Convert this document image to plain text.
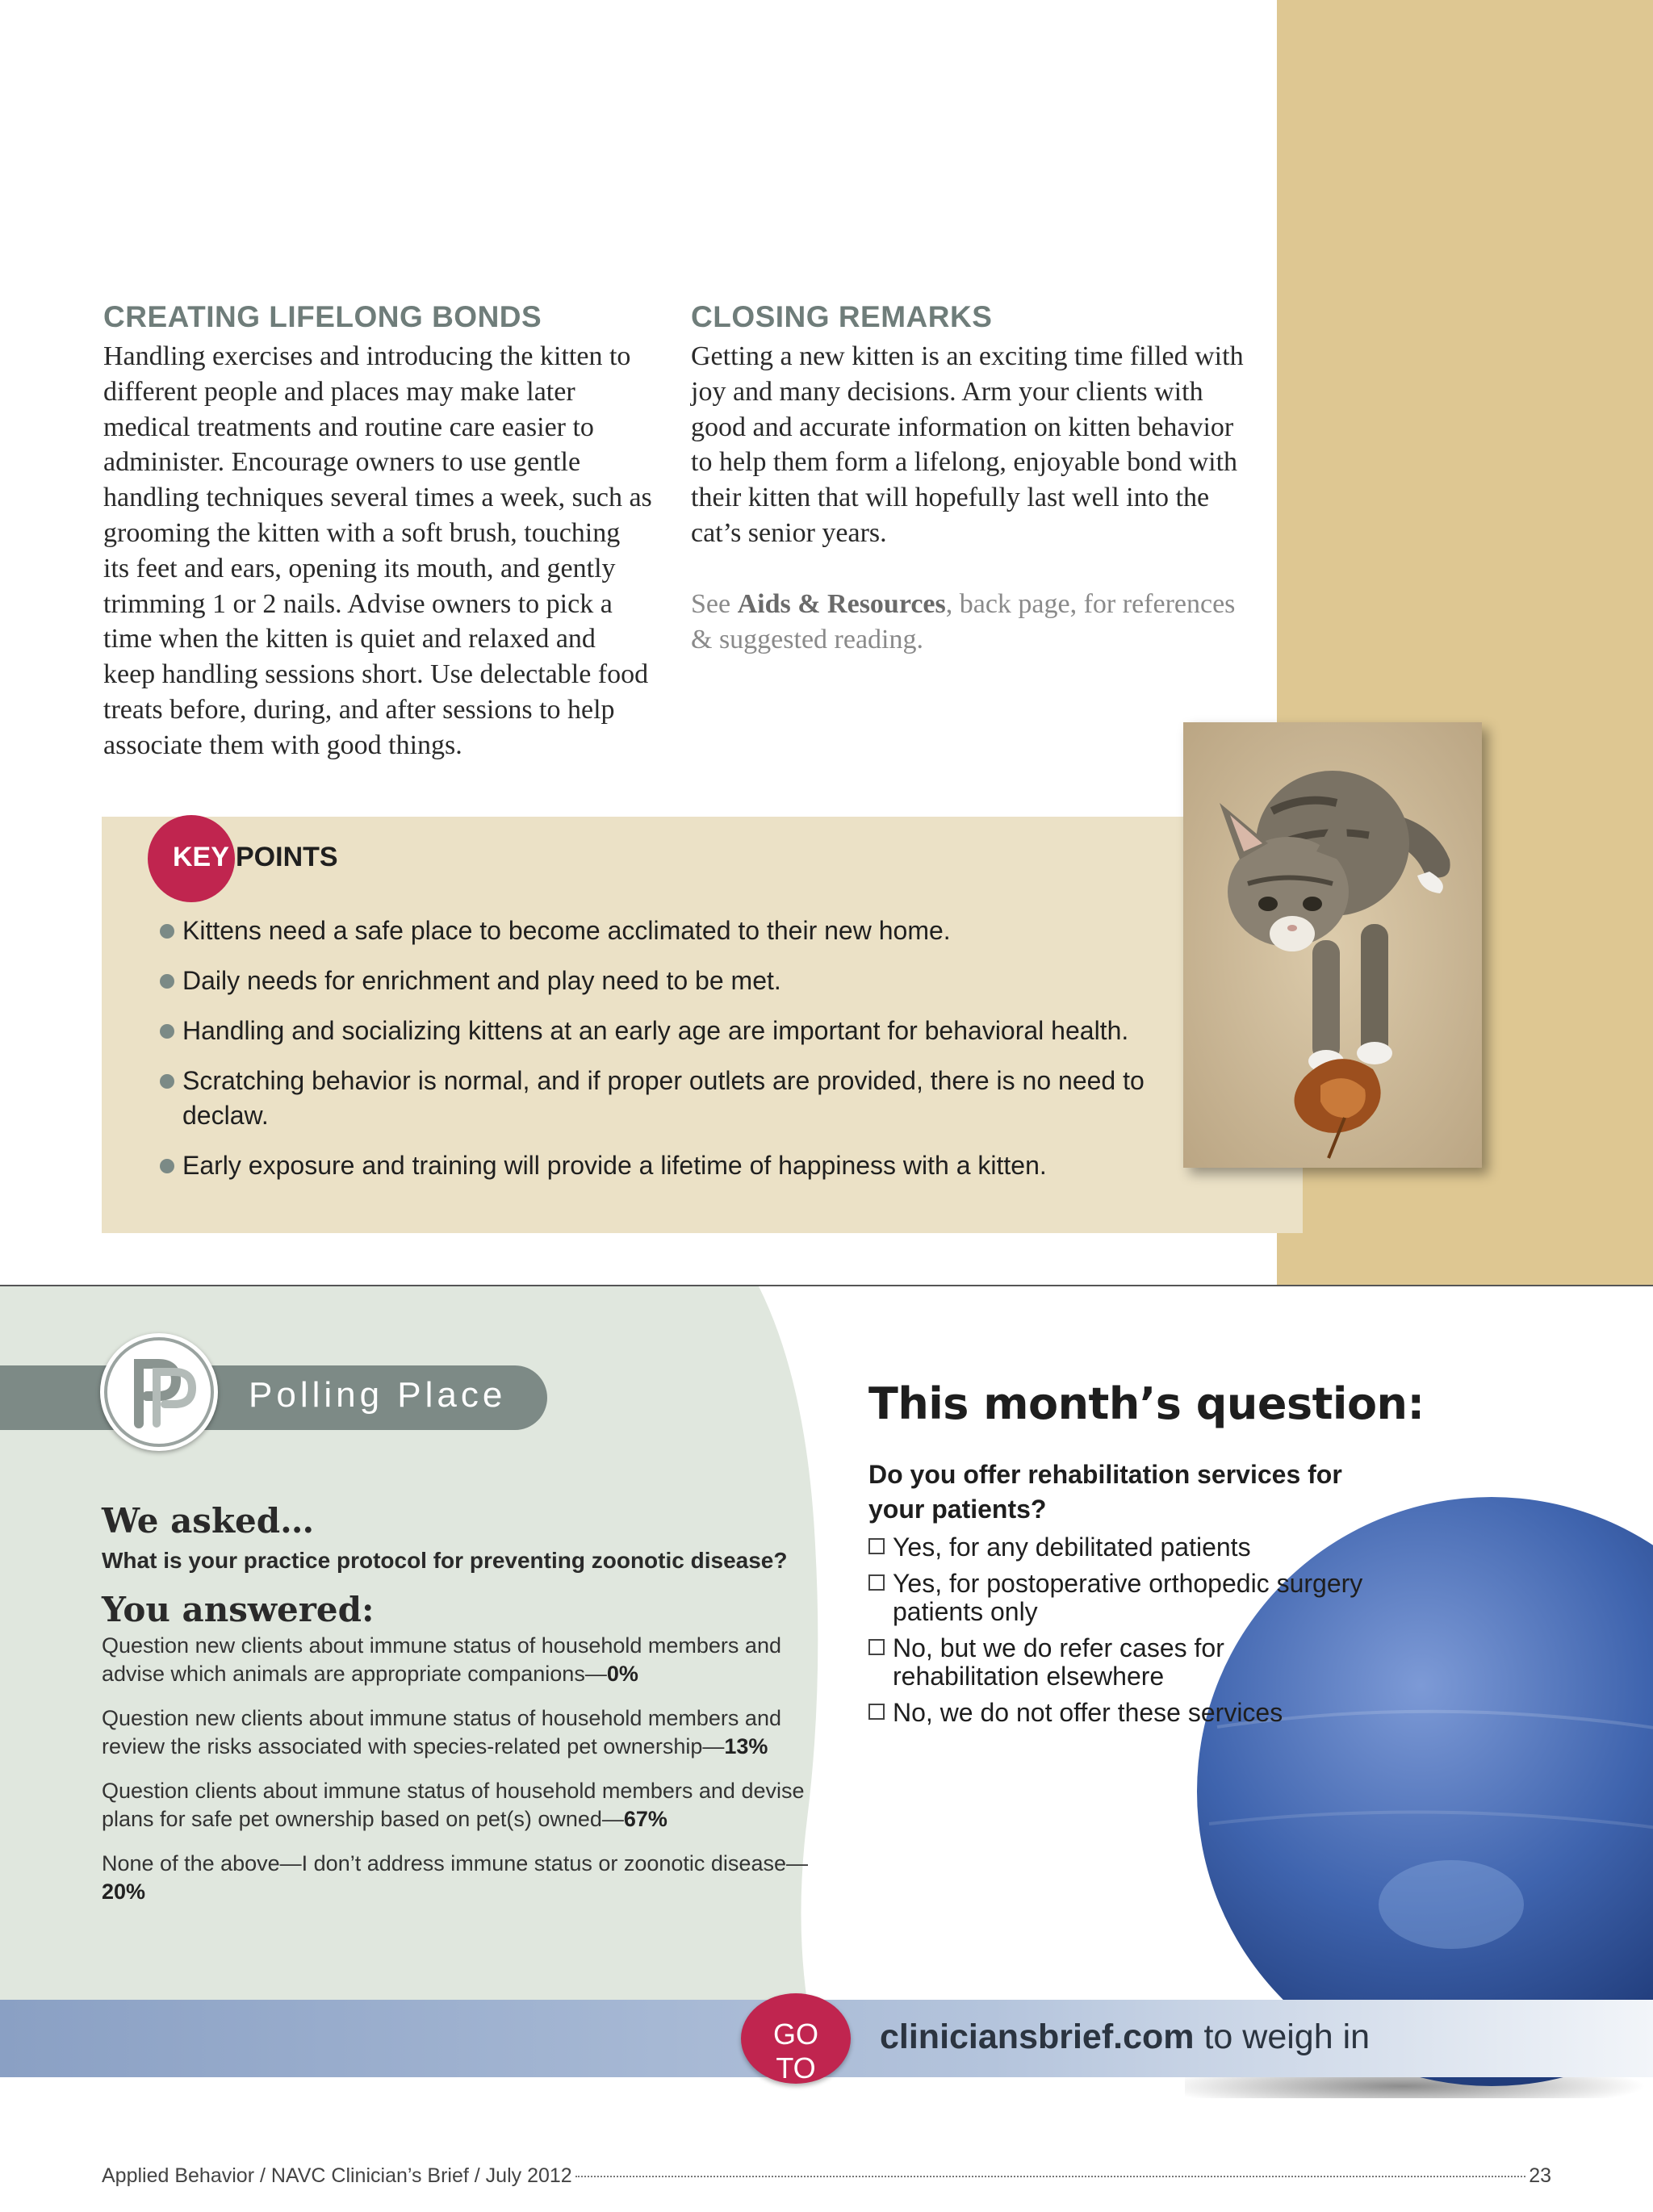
CREATING LIFELONG BONDS

Handling exercises and introducing the kitten to different people and places may make later medical treatments and routine care easier to administer. Encourage owners to use gentle handling techniques several times a week, such as grooming the kitten with a soft brush, touching its feet and ears, opening its mouth, and gently trimming 1 or 2 nails. Advise owners to pick a time when the kitten is quiet and relaxed and keep handling sessions short. Use delectable food treats before, during, and after sessions to help associate them with good things.

CLOSING REMARKS

Getting a new kitten is an exciting time filled with joy and many decisions. Arm your clients with good and accurate information on kitten behavior to help them form a lifelong, enjoyable bond with their kitten that will hopefully last well into the cat’s senior years.

See Aids & Resources, back page, for references & suggested reading.

KEY POINTS
Kittens need a safe place to become acclimated to their new home.
Daily needs for enrichment and play need to be met.
Handling and socializing kittens at an early age are important for behavioral health.
Scratching behavior is normal, and if proper outlets are provided, there is no need to declaw.
Early exposure and training will provide a lifetime of happiness with a kitten.
Polling Place
We asked…
What is your practice protocol for preventing zoonotic disease?
You answered:

Question new clients about immune status of household members and advise which animals are appropriate companions—0%

Question new clients about immune status of household members and review the risks associated with species-related pet ownership—13%

Question clients about immune status of household members and devise plans for safe pet ownership based on pet(s) owned—67%

None of the above—I don’t address immune status or zoonotic disease—20%

This month’s question:
Do you offer rehabilitation services for your patients?
Yes, for any debilitated patients
Yes, for postoperative orthopedic surgery patients only
No, but we do refer cases for rehabilitation elsewhere
No, we do not offer these services
GO TO
cliniciansbrief.com to weigh in
Applied Behavior / NAVC Clinician’s Brief / July 2012	23
